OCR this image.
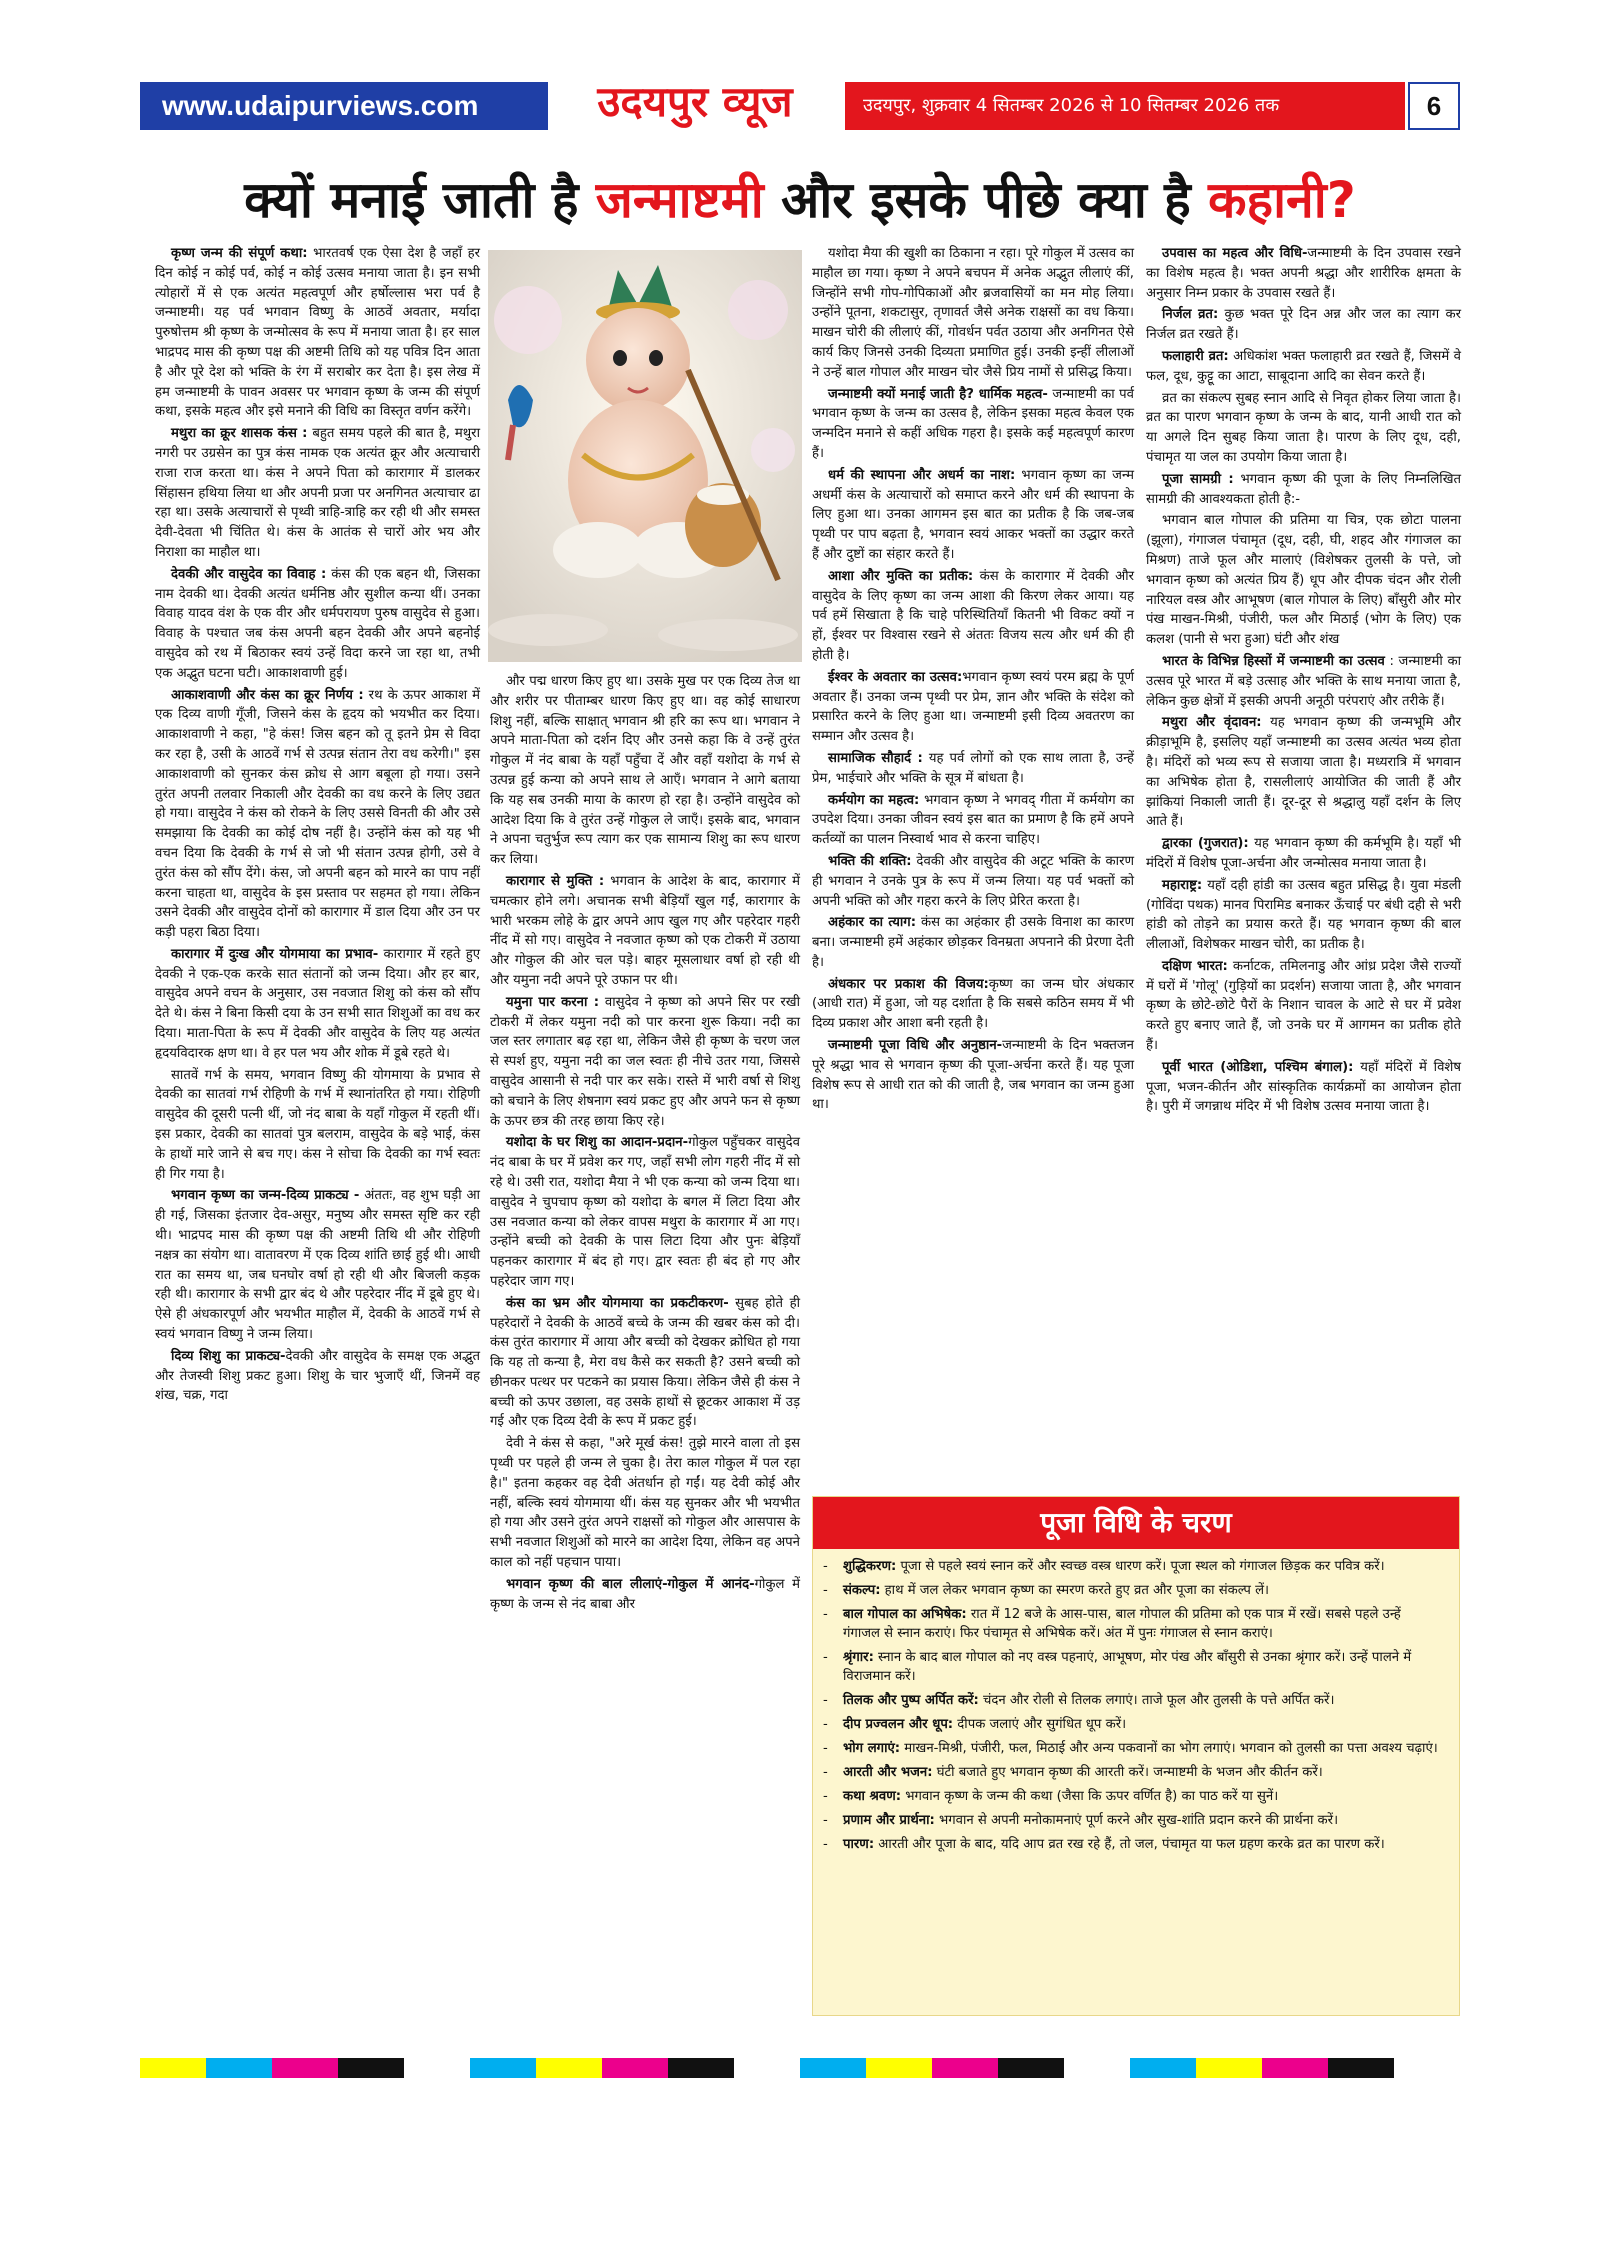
www.udaipurviews.com	उदयपुर व्यूज	उदयपुर, शुक्रवार 4 सितम्बर 2026 से 10 सितम्बर 2026 तक	6
क्यों मनाई जाती है जन्माष्टमी और इसके पीछे क्या है कहानी?

कृष्ण जन्म की संपूर्ण कथा: भारतवर्ष एक ऐसा देश है जहाँ हर दिन कोई न कोई पर्व, कोई न कोई उत्सव मनाया जाता है। इन सभी त्योहारों में से एक अत्यंत महत्वपूर्ण और हर्षोल्लास भरा पर्व है जन्माष्टमी। यह पर्व भगवान विष्णु के आठवें अवतार, मर्यादा पुरुषोत्तम श्री कृष्ण के जन्मोत्सव के रूप में मनाया जाता है। हर साल भाद्रपद मास की कृष्ण पक्ष की अष्टमी तिथि को यह पवित्र दिन आता है और पूरे देश को भक्ति के रंग में सराबोर कर देता है। इस लेख में हम जन्माष्टमी के पावन अवसर पर भगवान कृष्ण के जन्म की संपूर्ण कथा, इसके महत्व और इसे मनाने की विधि का विस्तृत वर्णन करेंगे।

मथुरा का क्रूर शासक कंस : बहुत समय पहले की बात है, मथुरा नगरी पर उग्रसेन का पुत्र कंस नामक एक अत्यंत क्रूर और अत्याचारी राजा राज करता था। कंस ने अपने पिता को कारागार में डालकर सिंहासन हथिया लिया था और अपनी प्रजा पर अनगिनत अत्याचार ढा रहा था। उसके अत्याचारों से पृथ्वी त्राहि-त्राहि कर रही थी और समस्त देवी-देवता भी चिंतित थे। कंस के आतंक से चारों ओर भय और निराशा का माहौल था।

देवकी और वासुदेव का विवाह : कंस की एक बहन थी, जिसका नाम देवकी था। देवकी अत्यंत धर्मनिष्ठ और सुशील कन्या थीं। उनका विवाह यादव वंश के एक वीर और धर्मपरायण पुरुष वासुदेव से हुआ। विवाह के पश्चात जब कंस अपनी बहन देवकी और अपने बहनोई वासुदेव को रथ में बिठाकर स्वयं उन्हें विदा करने जा रहा था, तभी एक अद्भुत घटना घटी। आकाशवाणी हुई।

आकाशवाणी और कंस का क्रूर निर्णय : रथ के ऊपर आकाश में एक दिव्य वाणी गूँजी, जिसने कंस के हृदय को भयभीत कर दिया। आकाशवाणी ने कहा, "हे कंस! जिस बहन को तू इतने प्रेम से विदा कर रहा है, उसी के आठवें गर्भ से उत्पन्न संतान तेरा वध करेगी।" इस आकाशवाणी को सुनकर कंस क्रोध से आग बबूला हो गया। उसने तुरंत अपनी तलवार निकाली और देवकी का वध करने के लिए उद्यत हो गया। वासुदेव ने कंस को रोकने के लिए उससे विनती की और उसे समझाया कि देवकी का कोई दोष नहीं है। उन्होंने कंस को यह भी वचन दिया कि देवकी के गर्भ से जो भी संतान उत्पन्न होगी, उसे वे तुरंत कंस को सौंप देंगे। कंस, जो अपनी बहन को मारने का पाप नहीं करना चाहता था, वासुदेव के इस प्रस्ताव पर सहमत हो गया। लेकिन उसने देवकी और वासुदेव दोनों को कारागार में डाल दिया और उन पर कड़ी पहरा बिठा दिया।

कारागार में दुःख और योगमाया का प्रभाव- कारागार में रहते हुए देवकी ने एक-एक करके सात संतानों को जन्म दिया। और हर बार, वासुदेव अपने वचन के अनुसार, उस नवजात शिशु को कंस को सौंप देते थे। कंस ने बिना किसी दया के उन सभी सात शिशुओं का वध कर दिया। माता-पिता के रूप में देवकी और वासुदेव के लिए यह अत्यंत हृदयविदारक क्षण था। वे हर पल भय और शोक में डूबे रहते थे।

सातवें गर्भ के समय, भगवान विष्णु की योगमाया के प्रभाव से देवकी का सातवां गर्भ रोहिणी के गर्भ में स्थानांतरित हो गया। रोहिणी वासुदेव की दूसरी पत्नी थीं, जो नंद बाबा के यहाँ गोकुल में रहती थीं। इस प्रकार, देवकी का सातवां पुत्र बलराम, वासुदेव के बड़े भाई, कंस के हाथों मारे जाने से बच गए। कंस ने सोचा कि देवकी का गर्भ स्वतः ही गिर गया है।

भगवान कृष्ण का जन्म-दिव्य प्राकट्य - अंततः, वह शुभ घड़ी आ ही गई, जिसका इंतजार देव-असुर, मनुष्य और समस्त सृष्टि कर रही थी। भाद्रपद मास की कृष्ण पक्ष की अष्टमी तिथि थी और रोहिणी नक्षत्र का संयोग था। वातावरण में एक दिव्य शांति छाई हुई थी। आधी रात का समय था, जब घनघोर वर्षा हो रही थी और बिजली कड़क रही थी। कारागार के सभी द्वार बंद थे और पहरेदार नींद में डूबे हुए थे। ऐसे ही अंधकारपूर्ण और भयभीत माहौल में, देवकी के आठवें गर्भ से स्वयं भगवान विष्णु ने जन्म लिया।

दिव्य शिशु का प्राकट्य-देवकी और वासुदेव के समक्ष एक अद्भुत और तेजस्वी शिशु प्रकट हुआ। शिशु के चार भुजाएँ थीं, जिनमें वह शंख, चक्र, गदा

और पद्म धारण किए हुए था। उसके मुख पर एक दिव्य तेज था और शरीर पर पीताम्बर धारण किए हुए था। वह कोई साधारण शिशु नहीं, बल्कि साक्षात् भगवान श्री हरि का रूप था। भगवान ने अपने माता-पिता को दर्शन दिए और उनसे कहा कि वे उन्हें तुरंत गोकुल में नंद बाबा के यहाँ पहुँचा दें और वहाँ यशोदा के गर्भ से उत्पन्न हुई कन्या को अपने साथ ले आएँ। भगवान ने आगे बताया कि यह सब उनकी माया के कारण हो रहा है। उन्होंने वासुदेव को आदेश दिया कि वे तुरंत उन्हें गोकुल ले जाएँ। इसके बाद, भगवान ने अपना चतुर्भुज रूप त्याग कर एक सामान्य शिशु का रूप धारण कर लिया।

कारागार से मुक्ति : भगवान के आदेश के बाद, कारागार में चमत्कार होने लगे। अचानक सभी बेड़ियाँ खुल गईं, कारागार के भारी भरकम लोहे के द्वार अपने आप खुल गए और पहरेदार गहरी नींद में सो गए। वासुदेव ने नवजात कृष्ण को एक टोकरी में उठाया और गोकुल की ओर चल पड़े। बाहर मूसलाधार वर्षा हो रही थी और यमुना नदी अपने पूरे उफान पर थी।

यमुना पार करना : वासुदेव ने कृष्ण को अपने सिर पर रखी टोकरी में लेकर यमुना नदी को पार करना शुरू किया। नदी का जल स्तर लगातार बढ़ रहा था, लेकिन जैसे ही कृष्ण के चरण जल से स्पर्श हुए, यमुना नदी का जल स्वतः ही नीचे उतर गया, जिससे वासुदेव आसानी से नदी पार कर सके। रास्ते में भारी वर्षा से शिशु को बचाने के लिए शेषनाग स्वयं प्रकट हुए और अपने फन से कृष्ण के ऊपर छत्र की तरह छाया किए रहे।

यशोदा के घर शिशु का आदान-प्रदान-गोकुल पहुँचकर वासुदेव नंद बाबा के घर में प्रवेश कर गए, जहाँ सभी लोग गहरी नींद में सो रहे थे। उसी रात, यशोदा मैया ने भी एक कन्या को जन्म दिया था। वासुदेव ने चुपचाप कृष्ण को यशोदा के बगल में लिटा दिया और उस नवजात कन्या को लेकर वापस मथुरा के कारागार में आ गए। उन्होंने बच्ची को देवकी के पास लिटा दिया और पुनः बेड़ियाँ पहनकर कारागार में बंद हो गए। द्वार स्वतः ही बंद हो गए और पहरेदार जाग गए।

कंस का भ्रम और योगमाया का प्रकटीकरण- सुबह होते ही पहरेदारों ने देवकी के आठवें बच्चे के जन्म की खबर कंस को दी। कंस तुरंत कारागार में आया और बच्ची को देखकर क्रोधित हो गया कि यह तो कन्या है, मेरा वध कैसे कर सकती है? उसने बच्ची को छीनकर पत्थर पर पटकने का प्रयास किया। लेकिन जैसे ही कंस ने बच्ची को ऊपर उछाला, वह उसके हाथों से छूटकर आकाश में उड़ गई और एक दिव्य देवी के रूप में प्रकट हुई।

देवी ने कंस से कहा, "अरे मूर्ख कंस! तुझे मारने वाला तो इस पृथ्वी पर पहले ही जन्म ले चुका है। तेरा काल गोकुल में पल रहा है।" इतना कहकर वह देवी अंतर्धान हो गईं। यह देवी कोई और नहीं, बल्कि स्वयं योगमाया थीं। कंस यह सुनकर और भी भयभीत हो गया और उसने तुरंत अपने राक्षसों को गोकुल और आसपास के सभी नवजात शिशुओं को मारने का आदेश दिया, लेकिन वह अपने काल को नहीं पहचान पाया।

भगवान कृष्ण की बाल लीलाएं-गोकुल में आनंद-गोकुल में कृष्ण के जन्म से नंद बाबा और

यशोदा मैया की खुशी का ठिकाना न रहा। पूरे गोकुल में उत्सव का माहौल छा गया। कृष्ण ने अपने बचपन में अनेक अद्भुत लीलाएं कीं, जिन्होंने सभी गोप-गोपिकाओं और ब्रजवासियों का मन मोह लिया। उन्होंने पूतना, शकटासुर, तृणावर्त जैसे अनेक राक्षसों का वध किया। माखन चोरी की लीलाएं कीं, गोवर्धन पर्वत उठाया और अनगिनत ऐसे कार्य किए जिनसे उनकी दिव्यता प्रमाणित हुई। उनकी इन्हीं लीलाओं ने उन्हें बाल गोपाल और माखन चोर जैसे प्रिय नामों से प्रसिद्ध किया।

जन्माष्टमी क्यों मनाई जाती है? धार्मिक महत्व- जन्माष्टमी का पर्व भगवान कृष्ण के जन्म का उत्सव है, लेकिन इसका महत्व केवल एक जन्मदिन मनाने से कहीं अधिक गहरा है। इसके कई महत्वपूर्ण कारण हैं।

धर्म की स्थापना और अधर्म का नाश: भगवान कृष्ण का जन्म अधर्मी कंस के अत्याचारों को समाप्त करने और धर्म की स्थापना के लिए हुआ था। उनका आगमन इस बात का प्रतीक है कि जब-जब पृथ्वी पर पाप बढ़ता है, भगवान स्वयं आकर भक्तों का उद्धार करते हैं और दुष्टों का संहार करते हैं।

आशा और मुक्ति का प्रतीक: कंस के कारागार में देवकी और वासुदेव के लिए कृष्ण का जन्म आशा की किरण लेकर आया। यह पर्व हमें सिखाता है कि चाहे परिस्थितियाँ कितनी भी विकट क्यों न हों, ईश्वर पर विश्वास रखने से अंततः विजय सत्य और धर्म की ही होती है।

ईश्वर के अवतार का उत्सव:भगवान कृष्ण स्वयं परम ब्रह्म के पूर्ण अवतार हैं। उनका जन्म पृथ्वी पर प्रेम, ज्ञान और भक्ति के संदेश को प्रसारित करने के लिए हुआ था। जन्माष्टमी इसी दिव्य अवतरण का सम्मान और उत्सव है।

सामाजिक सौहार्द : यह पर्व लोगों को एक साथ लाता है, उन्हें प्रेम, भाईचारे और भक्ति के सूत्र में बांधता है।

कर्मयोग का महत्व: भगवान कृष्ण ने भगवद् गीता में कर्मयोग का उपदेश दिया। उनका जीवन स्वयं इस बात का प्रमाण है कि हमें अपने कर्तव्यों का पालन निस्वार्थ भाव से करना चाहिए।

भक्ति की शक्ति: देवकी और वासुदेव की अटूट भक्ति के कारण ही भगवान ने उनके पुत्र के रूप में जन्म लिया। यह पर्व भक्तों को अपनी भक्ति को और गहरा करने के लिए प्रेरित करता है।

अहंकार का त्याग: कंस का अहंकार ही उसके विनाश का कारण बना। जन्माष्टमी हमें अहंकार छोड़कर विनम्रता अपनाने की प्रेरणा देती है।

अंधकार पर प्रकाश की विजय:कृष्ण का जन्म घोर अंधकार (आधी रात) में हुआ, जो यह दर्शाता है कि सबसे कठिन समय में भी दिव्य प्रकाश और आशा बनी रहती है।

जन्माष्टमी पूजा विधि और अनुष्ठान-जन्माष्टमी के दिन भक्तजन पूरे श्रद्धा भाव से भगवान कृष्ण की पूजा-अर्चना करते हैं। यह पूजा विशेष रूप से आधी रात को की जाती है, जब भगवान का जन्म हुआ था।

उपवास का महत्व और विधि-जन्माष्टमी के दिन उपवास रखने का विशेष महत्व है। भक्त अपनी श्रद्धा और शारीरिक क्षमता के अनुसार निम्न प्रकार के उपवास रखते हैं।

निर्जल व्रत: कुछ भक्त पूरे दिन अन्न और जल का त्याग कर निर्जल व्रत रखते हैं।

फलाहारी व्रत: अधिकांश भक्त फलाहारी व्रत रखते हैं, जिसमें वे फल, दूध, कुट्टू का आटा, साबूदाना आदि का सेवन करते हैं।

व्रत का संकल्प सुबह स्नान आदि से निवृत होकर लिया जाता है। व्रत का पारण भगवान कृष्ण के जन्म के बाद, यानी आधी रात को या अगले दिन सुबह किया जाता है। पारण के लिए दूध, दही, पंचामृत या जल का उपयोग किया जाता है।

पूजा सामग्री : भगवान कृष्ण की पूजा के लिए निम्नलिखित सामग्री की आवश्यकता होती है:-

भगवान बाल गोपाल की प्रतिमा या चित्र, एक छोटा पालना (झूला), गंगाजल पंचामृत (दूध, दही, घी, शहद और गंगाजल का मिश्रण) ताजे फूल और मालाएं (विशेषकर तुलसी के पत्ते, जो भगवान कृष्ण को अत्यंत प्रिय हैं) धूप और दीपक चंदन और रोली नारियल वस्त्र और आभूषण (बाल गोपाल के लिए) बाँसुरी और मोर पंख माखन-मिश्री, पंजीरी, फल और मिठाई (भोग के लिए) एक कलश (पानी से भरा हुआ) घंटी और शंख

भारत के विभिन्न हिस्सों में जन्माष्टमी का उत्सव : जन्माष्टमी का उत्सव पूरे भारत में बड़े उत्साह और भक्ति के साथ मनाया जाता है, लेकिन कुछ क्षेत्रों में इसकी अपनी अनूठी परंपराएं और तरीके हैं।

मथुरा और वृंदावन: यह भगवान कृष्ण की जन्मभूमि और क्रीड़ाभूमि है, इसलिए यहाँ जन्माष्टमी का उत्सव अत्यंत भव्य होता है। मंदिरों को भव्य रूप से सजाया जाता है। मध्यरात्रि में भगवान का अभिषेक होता है, रासलीलाएं आयोजित की जाती हैं और झांकियां निकाली जाती हैं। दूर-दूर से श्रद्धालु यहाँ दर्शन के लिए आते हैं।

द्वारका (गुजरात): यह भगवान कृष्ण की कर्मभूमि है। यहाँ भी मंदिरों में विशेष पूजा-अर्चना और जन्मोत्सव मनाया जाता है।

महाराष्ट्र: यहाँ दही हांडी का उत्सव बहुत प्रसिद्ध है। युवा मंडली (गोविंदा पथक) मानव पिरामिड बनाकर ऊँचाई पर बंधी दही से भरी हांडी को तोड़ने का प्रयास करते हैं। यह भगवान कृष्ण की बाल लीलाओं, विशेषकर माखन चोरी, का प्रतीक है।

दक्षिण भारत: कर्नाटक, तमिलनाडु और आंध्र प्रदेश जैसे राज्यों में घरों में 'गोलू' (गुड़ियों का प्रदर्शन) सजाया जाता है, और भगवान कृष्ण के छोटे-छोटे पैरों के निशान चावल के आटे से घर में प्रवेश करते हुए बनाए जाते हैं, जो उनके घर में आगमन का प्रतीक होते हैं।

पूर्वी भारत (ओडिशा, पश्चिम बंगाल): यहाँ मंदिरों में विशेष पूजा, भजन-कीर्तन और सांस्कृतिक कार्यक्रमों का आयोजन होता है। पुरी में जगन्नाथ मंदिर में भी विशेष उत्सव मनाया जाता है।

पूजा विधि के चरण
- शुद्धिकरण: पूजा से पहले स्वयं स्नान करें और स्वच्छ वस्त्र धारण करें। पूजा स्थल को गंगाजल छिड़क कर पवित्र करें।
- संकल्प: हाथ में जल लेकर भगवान कृष्ण का स्मरण करते हुए व्रत और पूजा का संकल्प लें।
- बाल गोपाल का अभिषेक: रात में 12 बजे के आस-पास, बाल गोपाल की प्रतिमा को एक पात्र में रखें। सबसे पहले उन्हें गंगाजल से स्नान कराएं। फिर पंचामृत से अभिषेक करें। अंत में पुनः गंगाजल से स्नान कराएं।
- श्रृंगार: स्नान के बाद बाल गोपाल को नए वस्त्र पहनाएं, आभूषण, मोर पंख और बाँसुरी से उनका श्रृंगार करें। उन्हें पालने में विराजमान करें।
- तिलक और पुष्प अर्पित करें: चंदन और रोली से तिलक लगाएं। ताजे फूल और तुलसी के पत्ते अर्पित करें।
- दीप प्रज्वलन और धूप: दीपक जलाएं और सुगंधित धूप करें।
- भोग लगाएं: माखन-मिश्री, पंजीरी, फल, मिठाई और अन्य पकवानों का भोग लगाएं। भगवान को तुलसी का पत्ता अवश्य चढ़ाएं।
- आरती और भजन: घंटी बजाते हुए भगवान कृष्ण की आरती करें। जन्माष्टमी के भजन और कीर्तन करें।
- कथा श्रवण: भगवान कृष्ण के जन्म की कथा (जैसा कि ऊपर वर्णित है) का पाठ करें या सुनें।
- प्रणाम और प्रार्थना: भगवान से अपनी मनोकामनाएं पूर्ण करने और सुख-शांति प्रदान करने की प्रार्थना करें।
- पारण: आरती और पूजा के बाद, यदि आप व्रत रख रहे हैं, तो जल, पंचामृत या फल ग्रहण करके व्रत का पारण करें।
